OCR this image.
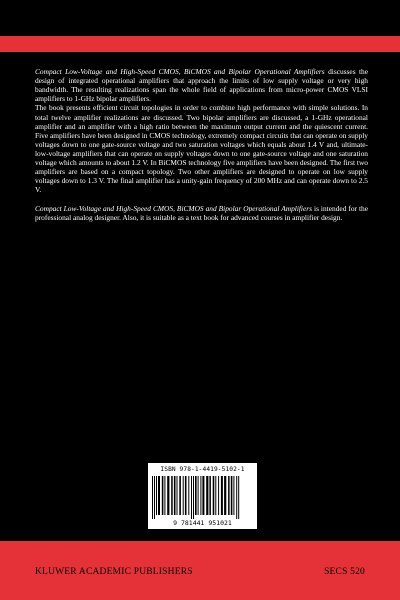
Compact Low-Voltage and High-Speed CMOS, BiCMOS and Bipolar Operational Amplifiers discusses the design of integrated operational amplifiers that approach the limits of low supply voltage or very high bandwidth. The resulting realizations span the whole field of applications from micro-power CMOS VLSI amplifiers to 1-GHz bipolar amplifiers.

The book presents efficient circuit topologies in order to combine high performance with simple solutions. In total twelve amplifier realizations are discussed. Two bipolar amplifiers are discussed, a 1-GHz operational amplifier and an amplifier with a high ratio between the maximum output current and the quiescent current. Five amplifiers have been designed in CMOS technology, extremely compact circuits that can operate on supply voltages down to one gate-source voltage and two saturation voltages which equals about 1.4 V and, ultimate-low-voltage amplifiers that can operate on supply voltages down to one gate-source voltage and one saturation voltage which amounts to about 1.2 V. In BiCMOS technology five amplifiers have been designed. The first two amplifiers are based on a compact topology. Two other amplifiers are designed to operate on low supply voltages down to 1.3 V. The final amplifier has a unity-gain frequency of 200 MHz and can operate down to 2.5 V.

Compact Low-Voltage and High-Speed CMOS, BiCMOS and Bipolar Operational Amplifiers is intended for the professional analog designer. Also, it is suitable as a text book for advanced courses in amplifier design.

ISBN 978-1-4419-5102-1
9 781441 951021
KLUWER ACADEMIC PUBLISHERS	SECS 520
